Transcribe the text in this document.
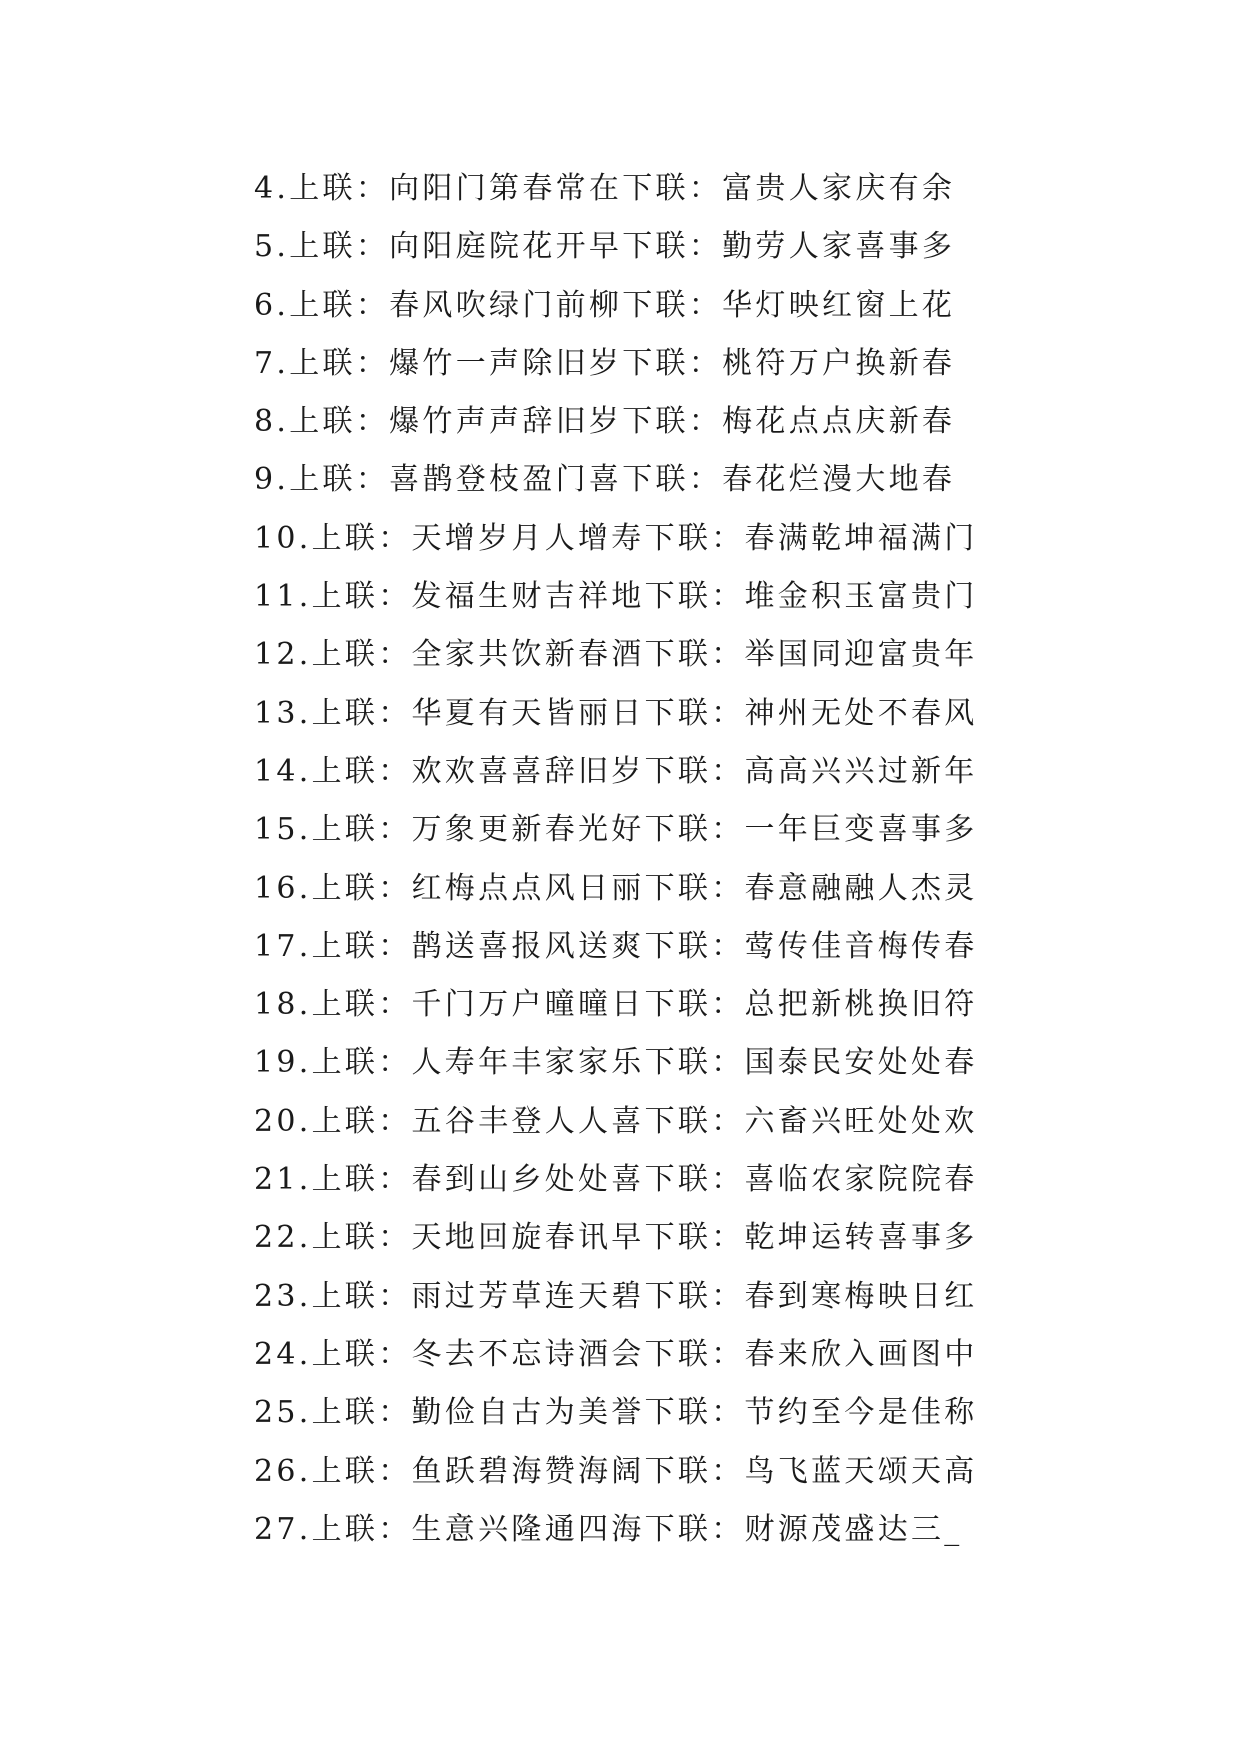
4.上联：向阳门第春常在下联：富贵人家庆有余
5.上联：向阳庭院花开早下联：勤劳人家喜事多
6.上联：春风吹绿门前柳下联：华灯映红窗上花
7.上联：爆竹一声除旧岁下联：桃符万户换新春
8.上联：爆竹声声辞旧岁下联：梅花点点庆新春
9.上联：喜鹊登枝盈门喜下联：春花烂漫大地春
10.上联：天增岁月人增寿下联：春满乾坤福满门
11.上联：发福生财吉祥地下联：堆金积玉富贵门
12.上联：全家共饮新春酒下联：举国同迎富贵年
13.上联：华夏有天皆丽日下联：神州无处不春风
14.上联：欢欢喜喜辞旧岁下联：高高兴兴过新年
15.上联：万象更新春光好下联：一年巨变喜事多
16.上联：红梅点点风日丽下联：春意融融人杰灵
17.上联：鹊送喜报风送爽下联：莺传佳音梅传春
18.上联：千门万户曈曈日下联：总把新桃换旧符
19.上联：人寿年丰家家乐下联：国泰民安处处春
20.上联：五谷丰登人人喜下联：六畜兴旺处处欢
21.上联：春到山乡处处喜下联：喜临农家院院春
22.上联：天地回旋春讯早下联：乾坤运转喜事多
23.上联：雨过芳草连天碧下联：春到寒梅映日红
24.上联：冬去不忘诗酒会下联：春来欣入画图中
25.上联：勤俭自古为美誉下联：节约至今是佳称
26.上联：鱼跃碧海赞海阔下联：鸟飞蓝天颂天高
27.上联：生意兴隆通四海下联：财源茂盛达三_
